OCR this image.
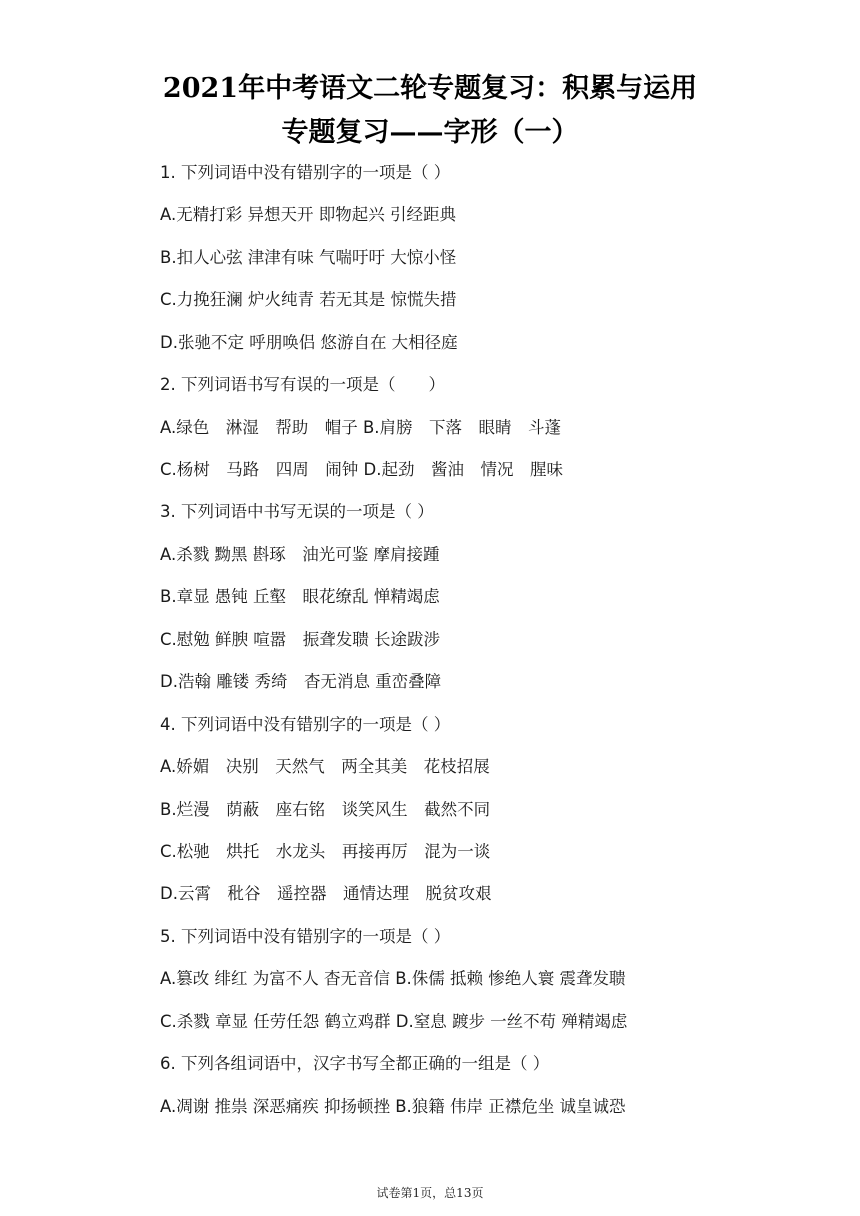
2021年中考语文二轮专题复习：积累与运用
专题复习——字形（一）
1. 下列词语中没有错别字的一项是（ ）
A.无精打彩 异想天开 即物起兴 引经距典
B.扣人心弦 津津有味 气喘吁吁 大惊小怪
C.力挽狂澜 炉火纯青 若无其是 惊慌失措
D.张驰不定 呼朋唤侣 悠游自在 大相径庭
2. 下列词语书写有误的一项是（　　）
A.绿色　淋湿　帮助　帽子 B.肩膀　下落　眼睛　斗蓬
C.杨树　马路　四周　闹钟 D.起劲　酱油　情况　腥味
3. 下列词语中书写无误的一项是（ ）
A.杀戮 黝黑 斟琢　油光可鉴 摩肩接踵
B.章显 愚钝 丘壑　眼花缭乱 惮精竭虑
C.慰勉 鲜腴 喧嚣　振聋发聩 长途跋涉
D.浩翰 雕镂 秀绮　杳无消息 重峦叠障
4. 下列词语中没有错别字的一项是（ ）
A.娇媚　决别　天然气　两全其美　花枝招展
B.烂漫　荫蔽　座右铭　谈笑风生　截然不同
C.松驰　烘托　水龙头　再接再厉　混为一谈
D.云霄　秕谷　遥控器　通情达理　脱贫攻艰
5. 下列词语中没有错别字的一项是（ ）
A.篡改 绯红 为富不人 杳无音信 B.侏儒 抵赖 惨绝人寰 震聋发聩
C.杀戮 章显 任劳任怨 鹤立鸡群 D.窒息 踱步 一丝不苟 殚精竭虑
6. 下列各组词语中，汉字书写全都正确的一组是（ ）
A.凋谢 推祟 深恶痛疾 抑扬顿挫 B.狼籍 伟岸 正襟危坐 诚皇诚恐
试卷第1页，总13页
